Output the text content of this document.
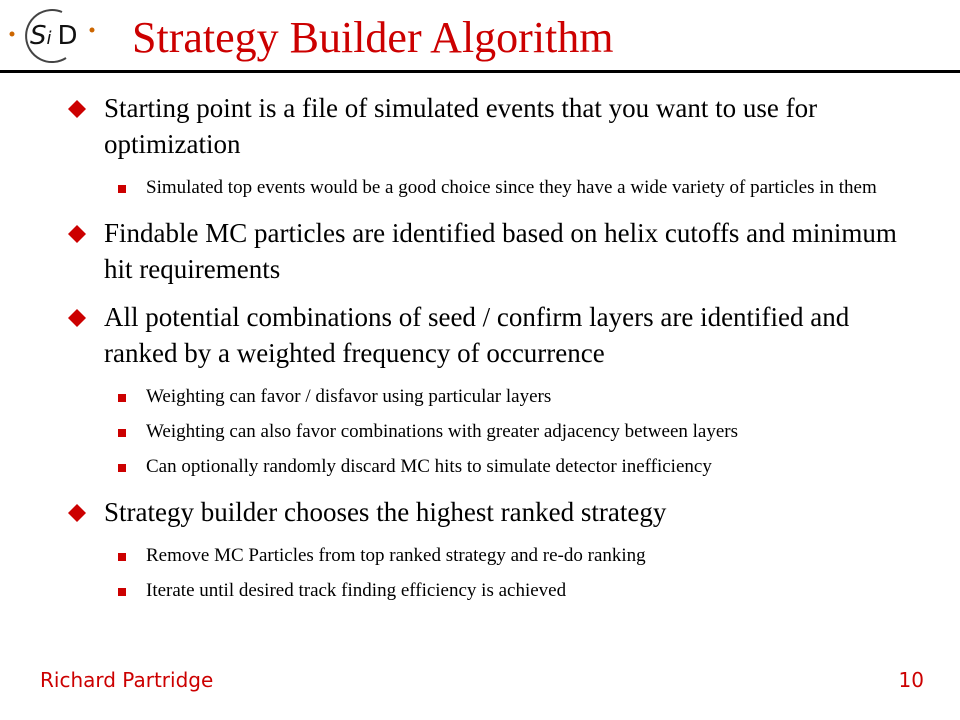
Si D Strategy Builder Algorithm
Starting point is a file of simulated events that you want to use for optimization
Simulated top events would be a good choice since they have a wide variety of particles in them
Findable MC particles are identified based on helix cutoffs and minimum hit requirements
All potential combinations of seed / confirm layers are identified and ranked by a weighted frequency of occurrence
Weighting can favor / disfavor using particular layers
Weighting can also favor combinations with greater adjacency between layers
Can optionally randomly discard MC hits to simulate detector inefficiency
Strategy builder chooses the highest ranked strategy
Remove MC Particles from top ranked strategy and re-do ranking
Iterate until desired track finding efficiency is achieved
Richard Partridge	10
